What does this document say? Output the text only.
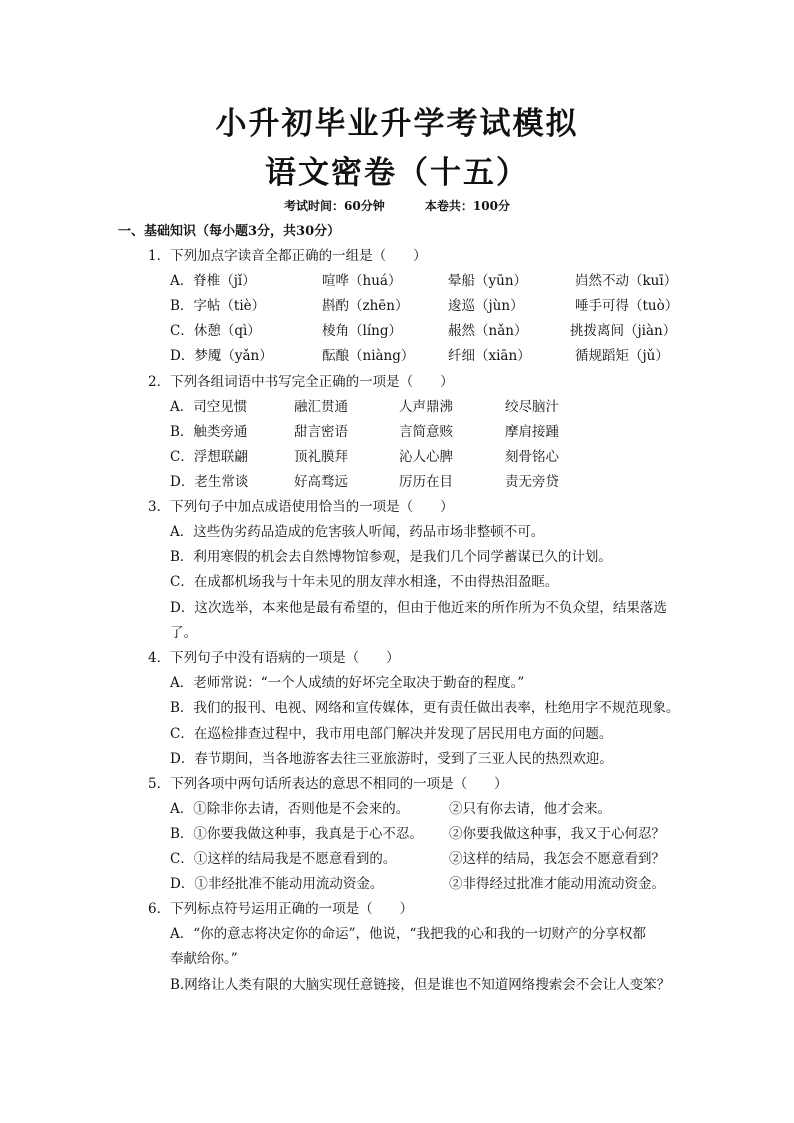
小升初毕业升学考试模拟
语文密卷（十五）
考试时间：60分钟	本卷共：100分
一、基础知识（每小题3分，共30分）
1．下列加点字读音全都正确的一组是（　　）
A．脊椎（jǐ）	喧哗（huá）	晕船（yūn）	岿然不动（kuī）
B．字帖（tiè）	斟酌（zhēn）	逡巡（jùn）	唾手可得（tuò）
C．休憩（qì）	棱角（líng）	赧然（nǎn）	挑拨离间（jiàn）
D．梦魇（yǎn）	酝酿（niàng） 纤细（xiān）	循规蹈矩（jǔ）
2．下列各组词语中书写完全正确的一项是（　　）
A．司空见惯	融汇贯通	人声鼎沸	绞尽脑汁
B．触类旁通	甜言密语	言简意赅	摩肩接踵
C．浮想联翩	顶礼膜拜	沁人心脾	刻骨铭心
D．老生常谈	好高骛远	厉历在目	责无旁贷
3．下列句子中加点成语使用恰当的一项是（　　）
A．这些伪劣药品造成的危害骇人听闻，药品市场非整顿不可。
B．利用寒假的机会去自然博物馆参观，是我们几个同学蓄谋已久的计划。
C．在成都机场我与十年未见的朋友萍水相逢，不由得热泪盈眶。
D．这次选举，本来他是最有希望的，但由于他近来的所作所为不负众望，结果落选
了。
4．下列句子中没有语病的一项是（　　）
A．老师常说：“一个人成绩的好坏完全取决于勤奋的程度。”
B．我们的报刊、电视、网络和宣传媒体，更有责任做出表率，杜绝用字不规范现象。
C．在巡检排查过程中，我市用电部门解决并发现了居民用电方面的问题。
D．春节期间，当各地游客去往三亚旅游时，受到了三亚人民的热烈欢迎。
5．下列各项中两句话所表达的意思不相同的一项是（　　）
A．①除非你去请，否则他是不会来的。	②只有你去请，他才会来。
B．①你要我做这种事，我真是于心不忍。 ②你要我做这种事，我又于心何忍？
C．①这样的结局我是不愿意看到的。	②这样的结局，我怎会不愿意看到？
D．①非经批准不能动用流动资金。	②非得经过批准才能动用流动资金。
6．下列标点符号运用正确的一项是（　　）
A．“你的意志将决定你的命运”，他说，“我把我的心和我的一切财产的分享权都
奉献给你。”
B.网络让人类有限的大脑实现任意链接，但是谁也不知道网络搜索会不会让人变笨？
